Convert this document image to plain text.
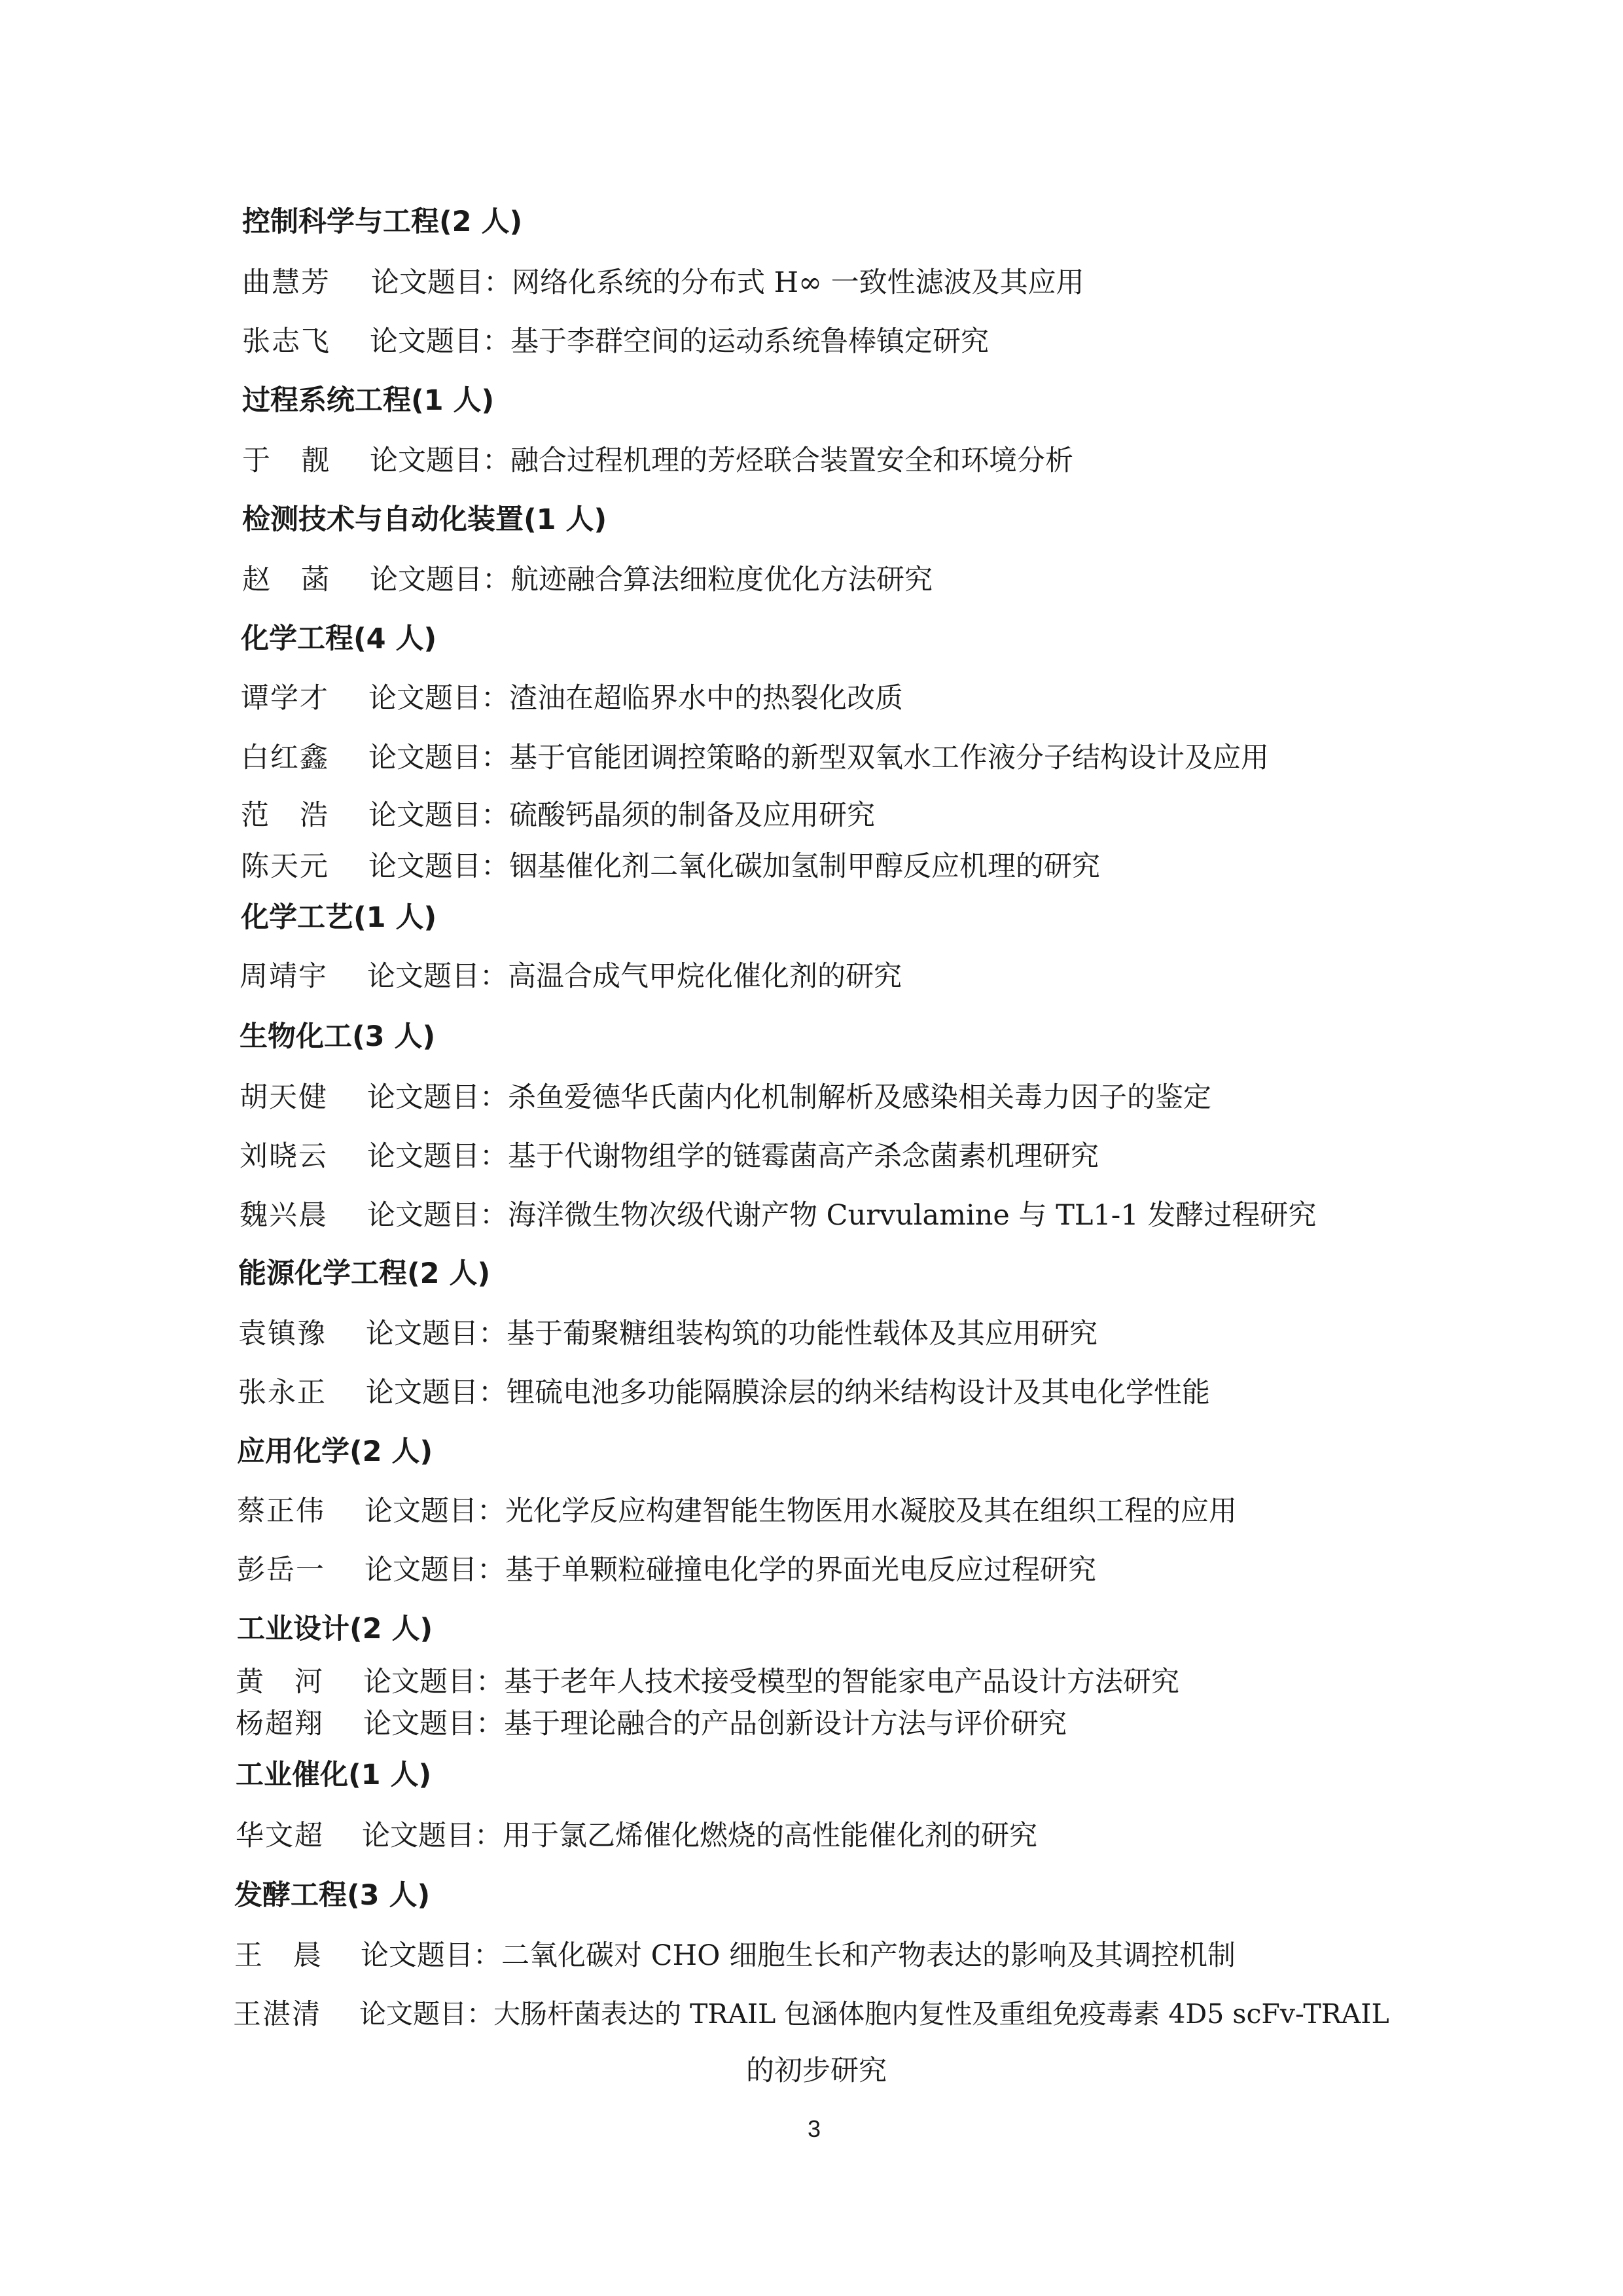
控制科学与工程(2 人)
曲慧芳 论文题目：网络化系统的分布式 H∞ 一致性滤波及其应用
张志飞 论文题目：基于李群空间的运动系统鲁棒镇定研究
过程系统工程(1 人)
于　靓 论文题目：融合过程机理的芳烃联合装置安全和环境分析
检测技术与自动化装置(1 人)
赵　菡 论文题目：航迹融合算法细粒度优化方法研究
化学工程(4 人)
谭学才 论文题目：渣油在超临界水中的热裂化改质
白红鑫 论文题目：基于官能团调控策略的新型双氧水工作液分子结构设计及应用
范　浩 论文题目：硫酸钙晶须的制备及应用研究
陈天元 论文题目：铟基催化剂二氧化碳加氢制甲醇反应机理的研究
化学工艺(1 人)
周靖宇 论文题目：高温合成气甲烷化催化剂的研究
生物化工(3 人)
胡天健 论文题目：杀鱼爱德华氏菌内化机制解析及感染相关毒力因子的鉴定
刘晓云 论文题目：基于代谢物组学的链霉菌高产杀念菌素机理研究
魏兴晨 论文题目：海洋微生物次级代谢产物 Curvulamine 与 TL1-1 发酵过程研究
能源化学工程(2 人)
袁镇豫 论文题目：基于葡聚糖组装构筑的功能性载体及其应用研究
张永正 论文题目：锂硫电池多功能隔膜涂层的纳米结构设计及其电化学性能
应用化学(2 人)
蔡正伟 论文题目：光化学反应构建智能生物医用水凝胶及其在组织工程的应用
彭岳一 论文题目：基于单颗粒碰撞电化学的界面光电反应过程研究
工业设计(2 人)
黄　河 论文题目：基于老年人技术接受模型的智能家电产品设计方法研究
杨超翔 论文题目：基于理论融合的产品创新设计方法与评价研究
工业催化(1 人)
华文超 论文题目：用于氯乙烯催化燃烧的高性能催化剂的研究
发酵工程(3 人)
王　晨 论文题目：二氧化碳对 CHO 细胞生长和产物表达的影响及其调控机制
王湛清 论文题目：大肠杆菌表达的 TRAIL 包涵体胞内复性及重组免疫毒素 4D5 scFv-TRAIL
的初步研究
3
